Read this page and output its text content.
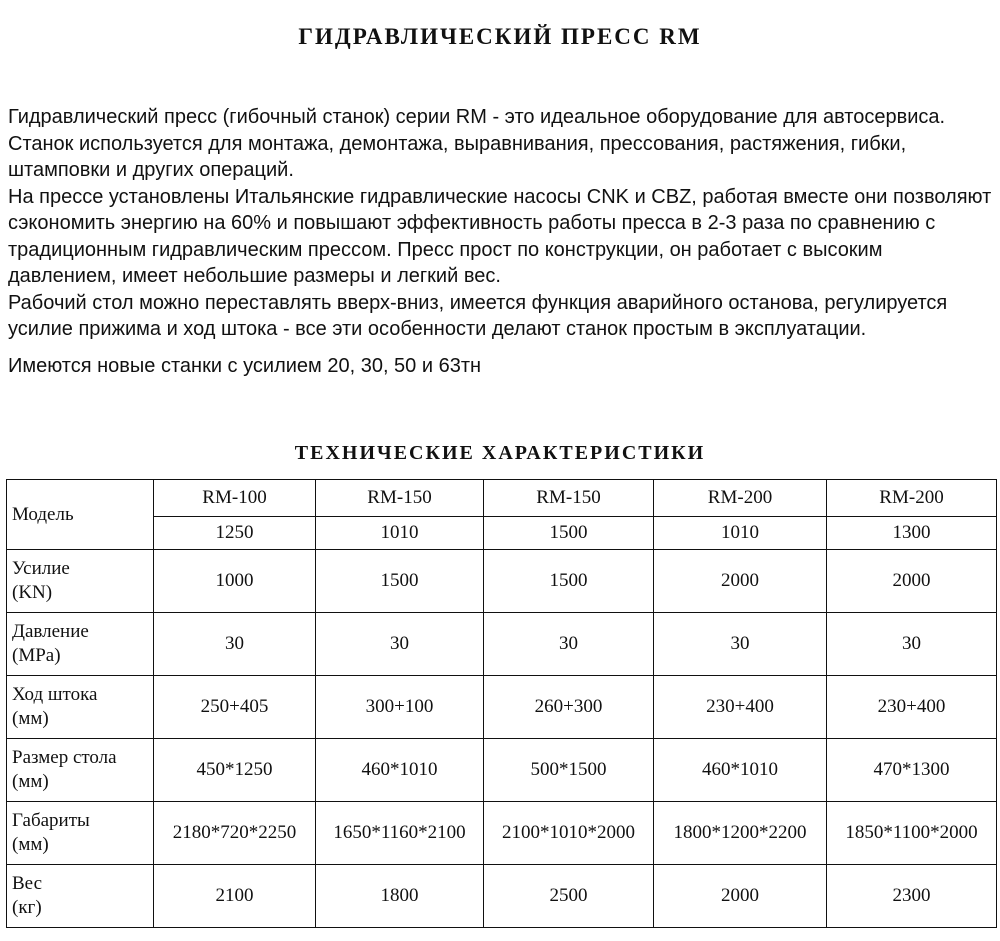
ГИДРАВЛИЧЕСКИЙ ПРЕСС RM

Гидравлический пресс (гибочный станок) серии RM - это идеальное оборудование для автосервиса. Станок используется для монтажа, демонтажа, выравнивания, прессования, растяжения, гибки, штамповки и других операций.

На прессе установлены Итальянские гидравлические насосы CNK и CBZ, работая вместе они позволяют сэкономить энергию на 60% и повышают эффективность работы пресса в 2-3 раза по сравнению с традиционным гидравлическим прессом. Пресс прост по конструкции, он работает с высоким давлением, имеет небольшие размеры и легкий вес.

Рабочий стол можно переставлять вверх-вниз, имеется функция аварийного останова, регулируется усилие прижима и ход штока - все эти особенности делают станок простым в эксплуатации.

Имеются новые станки с усилием 20, 30, 50 и 63тн

ТЕХНИЧЕСКИЕ ХАРАКТЕРИСТИКИ
Модель	RM-100	RM-150	RM-150	RM-200	RM-200
	1250	1010	1500	1010	1300

Усилие
(KN)	1000	1500	1500	2000	2000

Давление
(MPa)	30	30	30	30	30

Ход штока
(мм)	250+405	300+100	260+300	230+400	230+400

Размер стола
(мм)	450*1250	460*1010	500*1500	460*1010	470*1300

Габариты
(мм)	2180*720*2250	1650*1160*2100	2100*1010*2000	1800*1200*2200	1850*1100*2000

Вес
(кг)	2100	1800	2500	2000	2300
